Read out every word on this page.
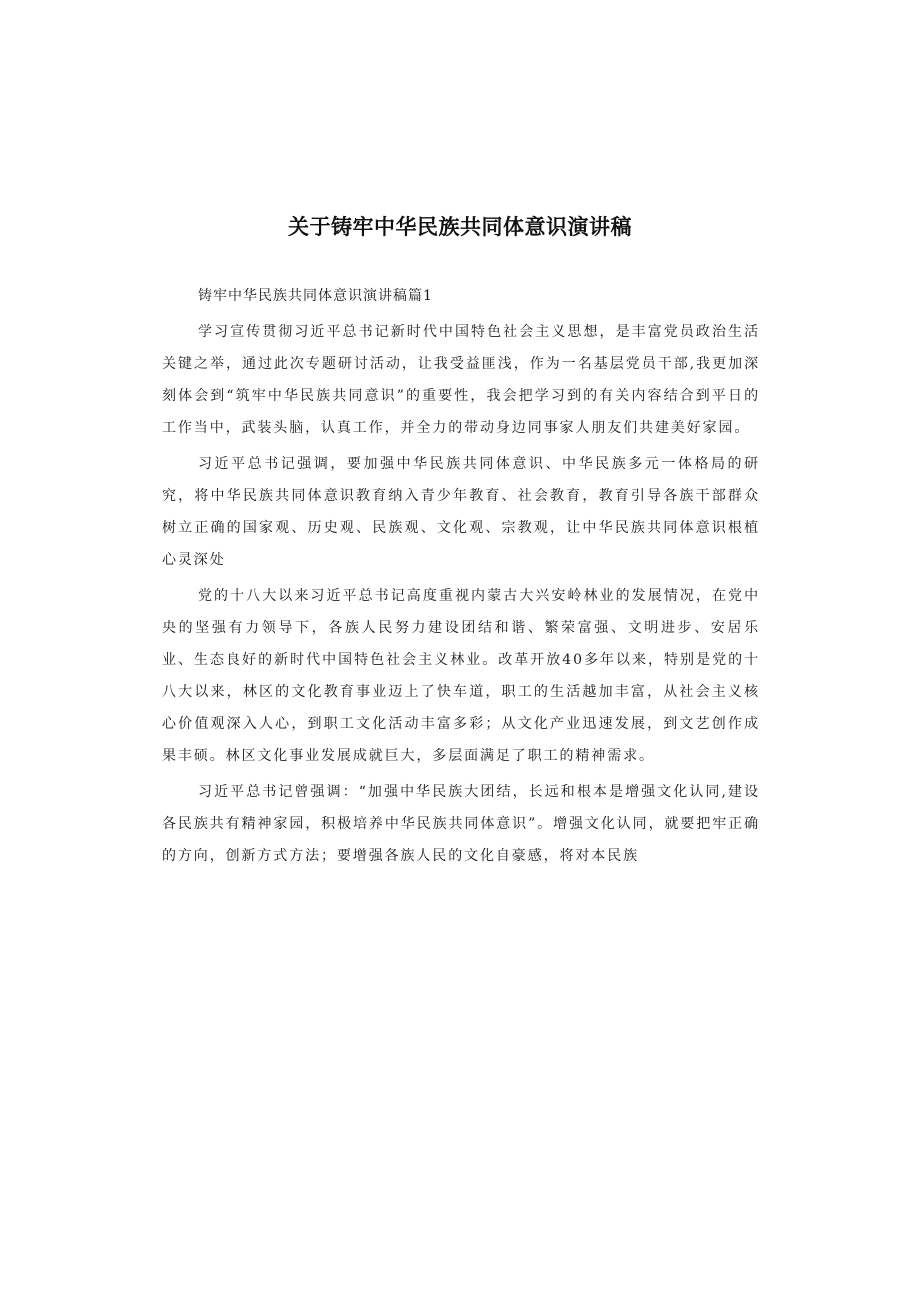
关于铸牢中华民族共同体意识演讲稿

铸牢中华民族共同体意识演讲稿篇1

学习宣传贯彻习近平总书记新时代中国特色社会主义思想，是丰富党员政治生活关键之举，通过此次专题研讨活动，让我受益匪浅，作为一名基层党员干部,我更加深刻体会到“筑牢中华民族共同意识”的重要性，我会把学习到的有关内容结合到平日的工作当中，武装头脑，认真工作，并全力的带动身边同事家人朋友们共建美好家园。

习近平总书记强调，要加强中华民族共同体意识、中华民族多元一体格局的研究，将中华民族共同体意识教育纳入青少年教育、社会教育，教育引导各族干部群众树立正确的国家观、历史观、民族观、文化观、宗教观，让中华民族共同体意识根植心灵深处

党的十八大以来习近平总书记高度重视内蒙古大兴安岭林业的发展情况，在党中央的坚强有力领导下，各族人民努力建设团结和谐、繁荣富强、文明进步、安居乐业、生态良好的新时代中国特色社会主义林业。改革开放40多年以来，特别是党的十八大以来，林区的文化教育事业迈上了快车道，职工的生活越加丰富，从社会主义核心价值观深入人心，到职工文化活动丰富多彩；从文化产业迅速发展，到文艺创作成果丰硕。林区文化事业发展成就巨大，多层面满足了职工的精神需求。

习近平总书记曾强调：“加强中华民族大团结，长远和根本是增强文化认同,建设各民族共有精神家园，积极培养中华民族共同体意识”。增强文化认同，就要把牢正确的方向，创新方式方法；要增强各族人民的文化自豪感，将对本民族
